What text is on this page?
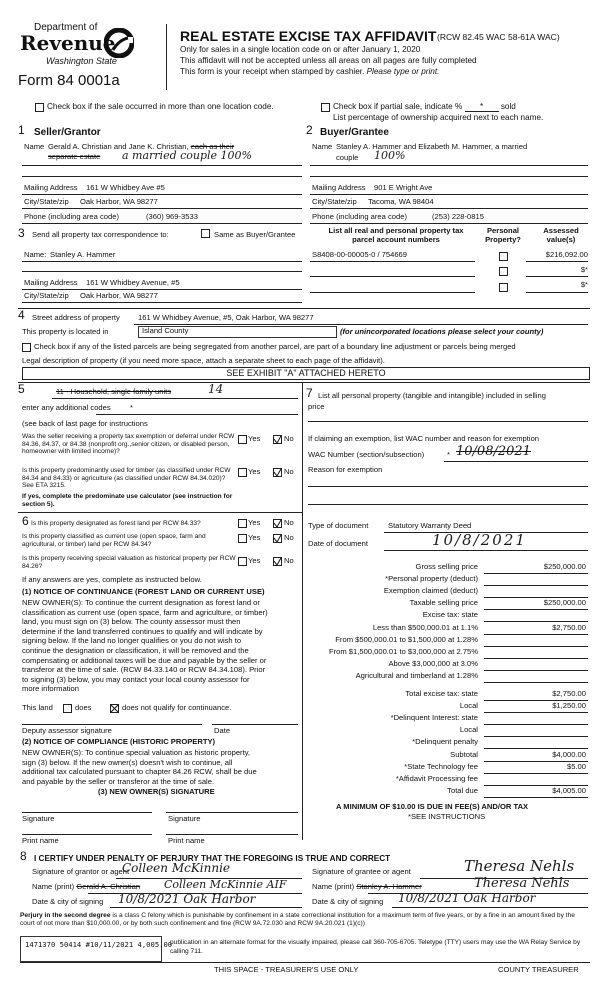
Department of
Revenue
Washington State
Form 84 0001a
REAL ESTATE EXCISE TAX AFFIDAVIT (RCW 82.45 WAC 58-61A WAC)
Only for sales in a single location code on or after January 1, 2020
This affidavit will not be accepted unless all areas on all pages are fully completed
This form is your receipt when stamped by cashier. Please type or print.
Check box if the sale occurred in more than one location code.	Check box if partial sale, indicate % * sold
List percentage of ownership acquired next to each name.
1 Seller/Grantor
Name Gerald A. Christian and Jane K. Christian, each as their
separate estate a married couple 100%
Mailing Address 161 W Whidbey Ave #5
City/State/zip Oak Harbor, WA 98277
Phone (including area code)	(360) 969-3533
2 Buyer/Grantee
Name Stanley A. Hammer and Elizabeth M. Hammer, a married
couple 100%
Mailing Address 901 E Wright Ave
City/State/zip Tacoma, WA 98404
Phone (including area code)	(253) 228-0815
3 Send all property tax correspondence to:	Same as Buyer/Grantee
Name: Stanley A. Hammer
Mailing Address 161 W Whidbey Avenue, #5
City/State/zip Oak Harbor, WA 98277
List all real and personal property tax
parcel account numbers
Personal
Property?
Assessed
value(s)
S8408-00-00005-0 / 754669	$216,092.00
$*
$*
4 Street address of property 161 W Whidbey Avenue, #5, Oak Harbor, WA 98277
This property is located in	Island County	(for unincorporated locations please select your county)
Check box if any of the listed parcels are being segregated from another parcel, are part of a boundary line adjustment or parcels being merged
Legal description of property (if you need more space, attach a separate sheet to each page of the affidavit).
SEE EXHIBIT "A" ATTACHED HERETO
5	11 - Household, single family units	14
enter any additional codes	*
(see back of last page for instructions
Was the seller receiving a property tax exemption or deferral under RCW 84.36, 84.37, or 84.38 (nonprofit org.,senior citizen, or disabled person, homeowner with limited income)?
Yes	No
Is this property predominantly used for timber (as classified under RCW 84.34 and 84.33) or agriculture (as classified under RCW 84.34.020)? See ETA 3215.
If yes, complete the predominate use calculator (see instruction for section 5).
Yes	No
6 Is this property designated as forest land per RCW 84.33?	Yes	No
Is this property classified as current use (open space, farm and agricultural, or timber) land per RCW 84.34?
Yes	No
Is this property receiving special valuation as historical property per RCW 84.26?
Yes	No
If any answers are yes, complete as instructed below.
(1) NOTICE OF CONTINUANCE (FOREST LAND OR CURRENT USE)
NEW OWNER(S): To continue the current designation as forest land or
classification as current use (open space, farm and agriculture, or timber)
land, you must sign on (3) below. The county assessor must then
determine if the land transferred continues to qualify and will indicate by
signing below. If the land no longer qualifies or you do not wish to
continue the designation or classification, it will be removed and the
compensating or additional taxes will be due and payable by the seller or
transferor at the time of sale. (RCW 84.33.140 or RCW 84.34.108). Prior
to signing (3) below, you may contact your local county assessor for
more information
This land	does	does not qualify for continuance.
Deputy assessor signature	Date
(2) NOTICE OF COMPLIANCE (HISTORIC PROPERTY)
NEW OWNER(S): To continue special valuation as historic property,
sign (3) below. If the new owner(s) doesn't wish to continue, all
additional tax calculated pursuant to chapter 84.26 RCW, shall be due
and payable by the seller or transferor at the time of sale.
(3) NEW OWNER(S) SIGNATURE
Signature	Signature
Print name	Print name
7 List all personal property (tangible and intangible) included in selling
price
If claiming an exemption, list WAC number and reason for exemption
WAC Number (section/subsection)	* 10/08/2021
Reason for exemption
Type of document	Statutory Warranty Deed
Date of document	10/8/2021
Gross selling price	$250,000.00
*Personal property (deduct)
Exemption claimed (deduct)
Taxable selling price	$250,000.00
Excise tax: state
Less than $500,000.01 at 1.1%	$2,750.00
From $500,000.01 to $1,500,000 at 1.28%
From $1,500,000.01 to $3,000,000 at 2.75%
Above $3,000,000 at 3.0%
Agricultural and timberland at 1.28%
Total excise tax: state	$2,750.00
Local	$1,250.00
*Delinquent Interest: state
Local
*Delinquent penalty
Subtotal	$4,000.00
*State Technology fee	$5.00
*Affidavit Processing fee
Total due	$4,005.00
A MINIMUM OF $10.00 IS DUE IN FEE(S) AND/OR TAX
*SEE INSTRUCTIONS
8 I CERTIFY UNDER PENALTY OF PERJURY THAT THE FOREGOING IS TRUE AND CORRECT
Signature of grantor or agent
Colleen McKinnie
Name (print) Gerald A. Christian Colleen McKinnie AIF
Date & city of signing 10/8/2021 Oak Harbor
Signature of grantee or agent	Theresa Nehls
Name (print) Stanley A. Hammer	Theresa Nehls
Date & city of signing 10/8/2021 Oak Harbor
Perjury in the second degree is a class C felony which is punishable by confinement in a state correctional institution for a maximum term of five years, or by a fine in an amount fixed by the court of not more than $10,000.00, or by both such confinement and fine (RCW 9A.72.030 and RCW 9A.20.021 (1)(c))
1471370 50414 #10/11/2021 4,005.00
publication in an alternate format for the visually impaired, please call 360-705-6705. Teletype (TTY) users may use the WA Relay Service by calling 711.
THIS SPACE - TREASURER'S USE ONLY	COUNTY TREASURER
